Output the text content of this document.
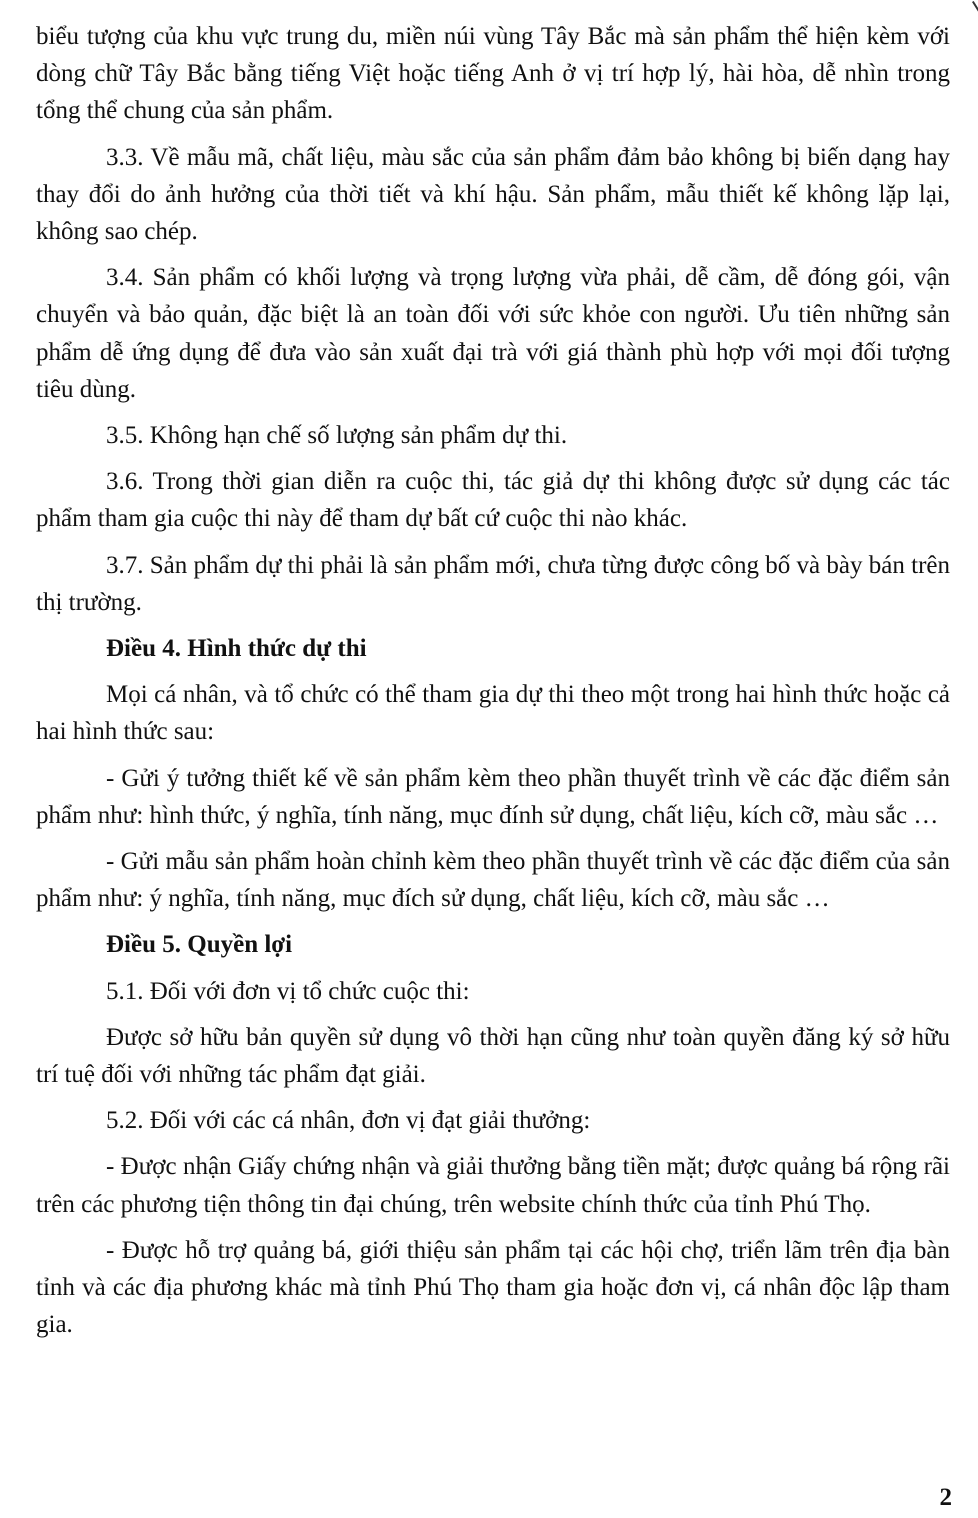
biểu tượng của khu vực trung du, miền núi vùng Tây Bắc mà sản phẩm thể hiện kèm với dòng chữ Tây Bắc bằng tiếng Việt hoặc tiếng Anh ở vị trí hợp lý, hài hòa, dễ nhìn trong tổng thể chung của sản phẩm.

3.3. Về mẫu mã, chất liệu, màu sắc của sản phẩm đảm bảo không bị biến dạng hay thay đổi do ảnh hưởng của thời tiết và khí hậu. Sản phẩm, mẫu thiết kế không lặp lại, không sao chép.

3.4. Sản phẩm có khối lượng và trọng lượng vừa phải, dễ cầm, dễ đóng gói, vận chuyển và bảo quản, đặc biệt là an toàn đối với sức khỏe con người. Ưu tiên những sản phẩm dễ ứng dụng để đưa vào sản xuất đại trà với giá thành phù hợp với mọi đối tượng tiêu dùng.

3.5. Không hạn chế số lượng sản phẩm dự thi.

3.6. Trong thời gian diễn ra cuộc thi, tác giả dự thi không được sử dụng các tác phẩm tham gia cuộc thi này để tham dự bất cứ cuộc thi nào khác.

3.7. Sản phẩm dự thi phải là sản phẩm mới, chưa từng được công bố và bày bán trên thị trường.

Điều 4. Hình thức dự thi

Mọi cá nhân, và tổ chức có thể tham gia dự thi theo một trong hai hình thức hoặc cả hai hình thức sau:

- Gửi ý tưởng thiết kế về sản phẩm kèm theo phần thuyết trình về các đặc điểm sản phẩm như: hình thức, ý nghĩa, tính năng, mục đính sử dụng, chất liệu, kích cỡ, màu sắc …

- Gửi mẫu sản phẩm hoàn chỉnh kèm theo phần thuyết trình về các đặc điểm của sản phẩm như: ý nghĩa, tính năng, mục đích sử dụng, chất liệu, kích cỡ, màu sắc …

Điều 5. Quyền lợi

5.1. Đối với đơn vị tổ chức cuộc thi:

Được sở hữu bản quyền sử dụng vô thời hạn cũng như toàn quyền đăng ký sở hữu trí tuệ đối với những tác phẩm đạt giải.

5.2. Đối với các cá nhân, đơn vị đạt giải thưởng:

- Được nhận Giấy chứng nhận và giải thưởng bằng tiền mặt; được quảng bá rộng rãi trên các phương tiện thông tin đại chúng, trên website chính thức của tỉnh Phú Thọ.

- Được hỗ trợ quảng bá, giới thiệu sản phẩm tại các hội chợ, triển lãm trên địa bàn tỉnh và các địa phương khác mà tỉnh Phú Thọ tham gia hoặc đơn vị, cá nhân độc lập tham gia.

2
